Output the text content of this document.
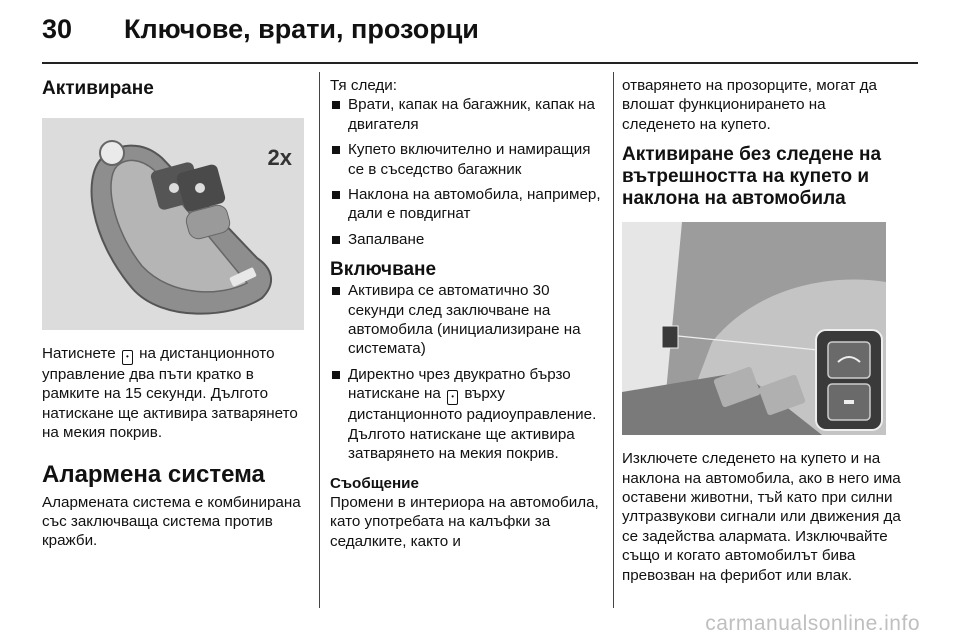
30 Ключове, врати, прозорци
Активиране
2x

Натиснете • на дистанционното управление два пъти кратко в рамките на 15 секунди. Дълготo натискане ще активира затварянето на мекия покрив.

Алармена система

Алармената система е комбинирана със заключваща система против кражби.

Тя следи:

Врати, капак на багажник, капак на двигателя
Купето включително и намиращия се в съседство багажник
Наклона на автомобила, например, дали е повдигнат
Запалване
Включване
Активира се автоматично 30 секунди след заключване на автомобила (инициализиране на системата)
Директно чрез двукратно бързо натискане на • върху дистанционното радиоуправление. Дълготo натискане ще активира затварянето на мекия покрив.

Съобщение

Промени в интериора на автомобила, като употребата на калъфки за седалките, както и

отварянето на прозорците, могат да влошат функционирането на следенето на купето.

Активиране без следене на вътрешността на купето и наклона на автомобила

Изключете следенето на купето и на наклона на автомобила, ако в него има оставени животни, тъй като при силни ултразвукови сигнали или движения да се задействa алармата. Изключвайте също и когато автомобилът бива превозван на ферибот или влак.

carmanualsonline.info
